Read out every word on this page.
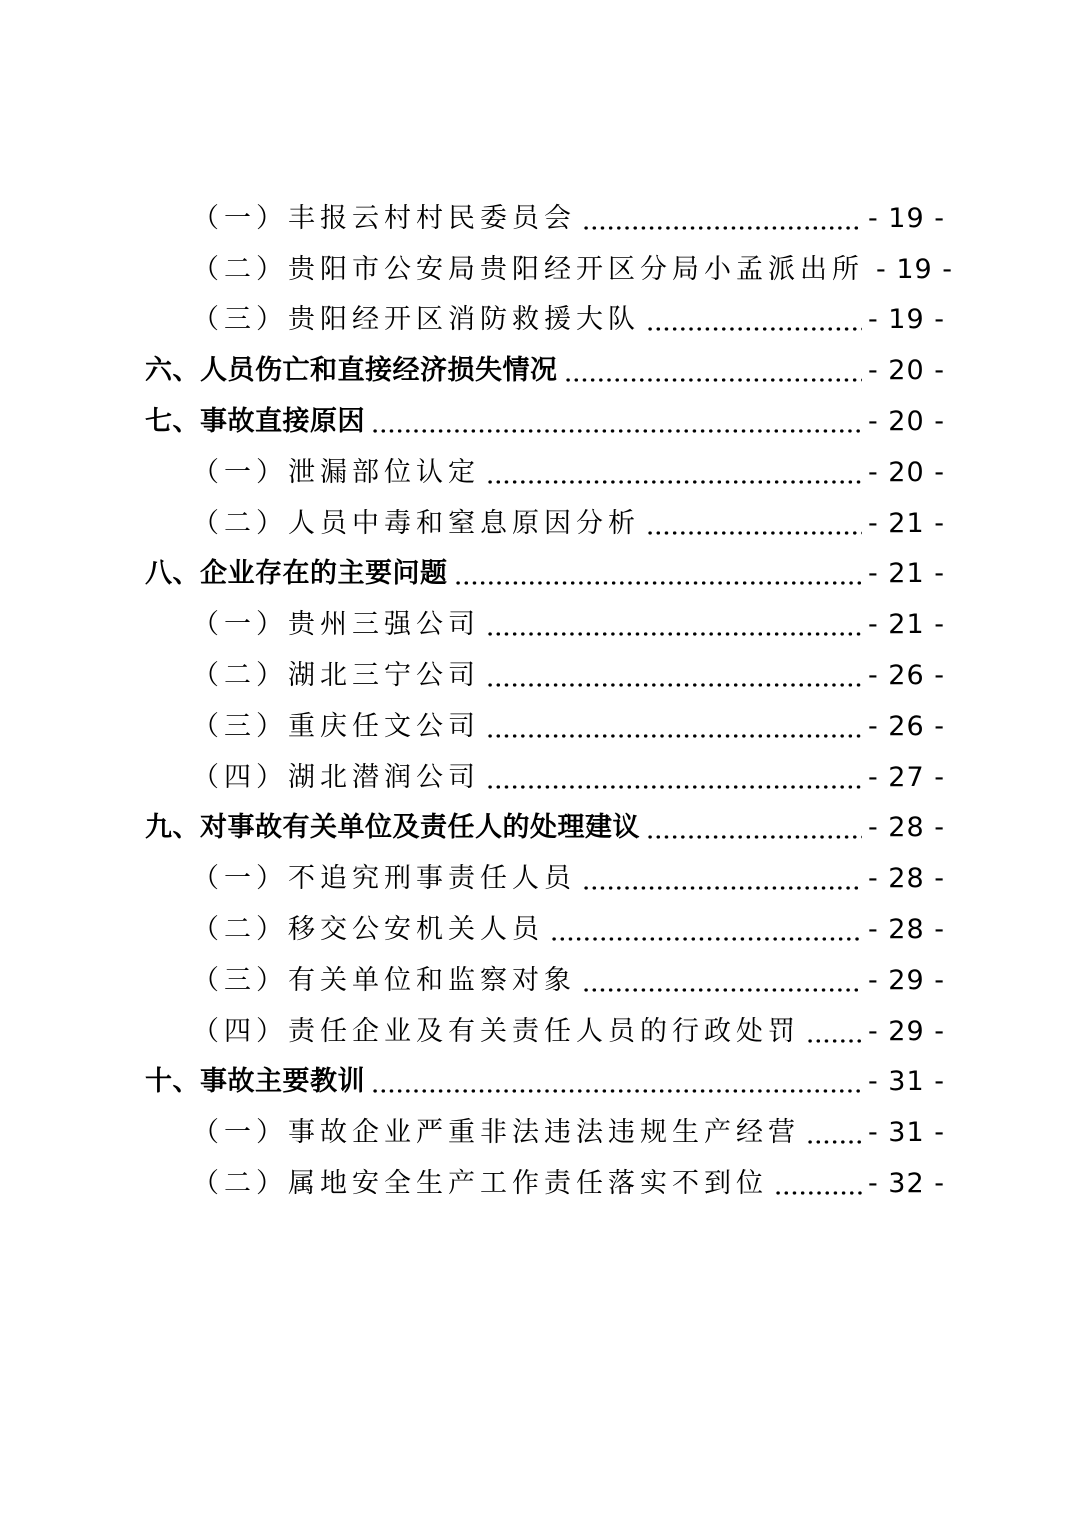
（一）丰报云村村民委员会	- 19 -
（二）贵阳市公安局贵阳经开区分局小孟派出所 - 19 -
（三）贵阳经开区消防救援大队	- 19 -
六、人员伤亡和直接经济损失情况	- 20 -
七、事故直接原因	- 20 -
（一）泄漏部位认定	- 20 -
（二）人员中毒和窒息原因分析	- 21 -
八、企业存在的主要问题	- 21 -
（一）贵州三强公司	- 21 -
（二）湖北三宁公司	- 26 -
（三）重庆任文公司	- 26 -
（四）湖北潜润公司	- 27 -
九、对事故有关单位及责任人的处理建议	- 28 -
（一）不追究刑事责任人员	- 28 -
（二）移交公安机关人员	- 28 -
（三）有关单位和监察对象	- 29 -
（四）责任企业及有关责任人员的行政处罚	- 29 -
十、事故主要教训	- 31 -
（一）事故企业严重非法违法违规生产经营	- 31 -
（二）属地安全生产工作责任落实不到位	- 32 -
